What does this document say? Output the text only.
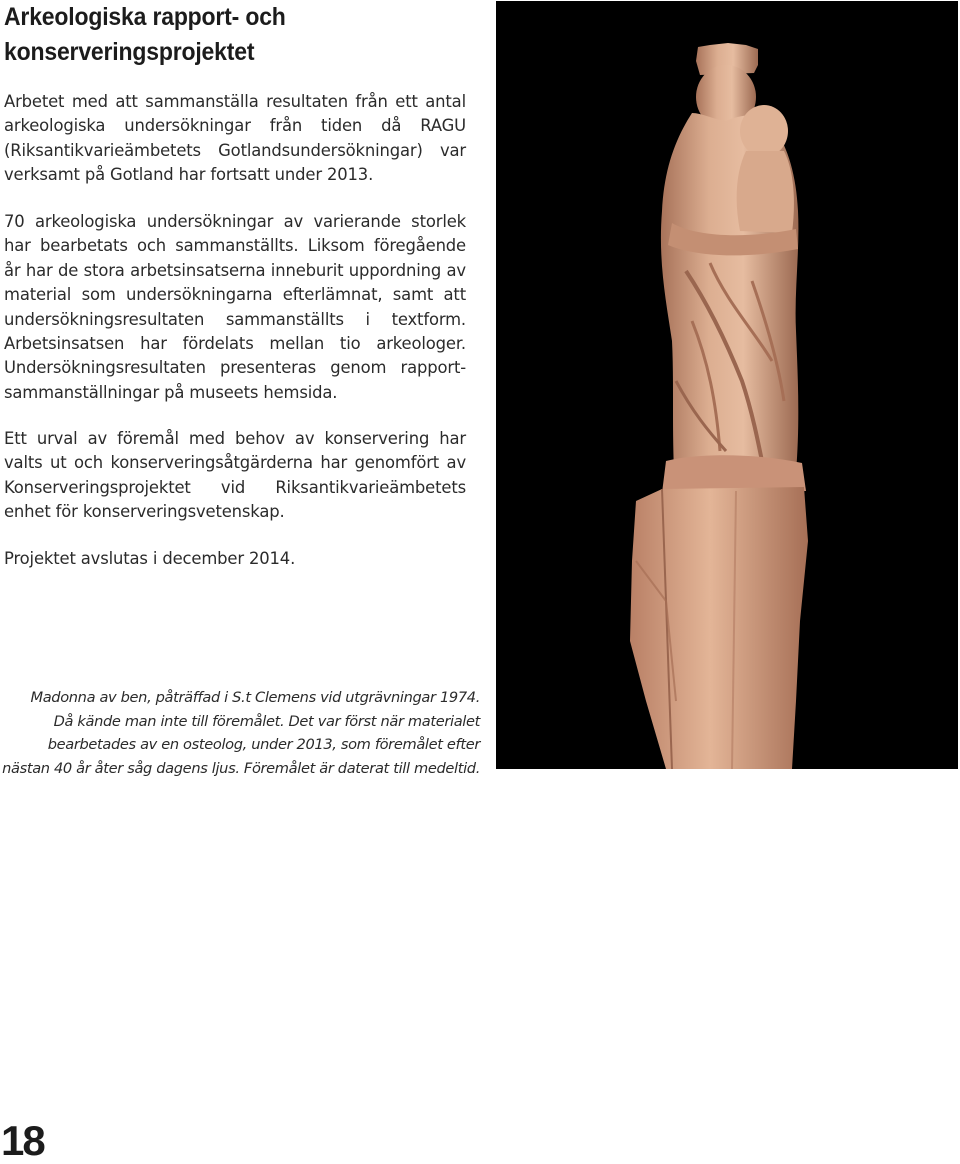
Arkeologiska rapport- och konserveringsprojektet

Arbetet med att sammanställa resultaten från ett antal arkeologiska undersökningar från tiden då RAGU (Riksantikvarieämbetets Gotlandsundersökningar) var verksamt på Gotland har fortsatt under 2013.

70 arkeologiska undersökningar av varierande storlek har bearbetats och sammanställts. Liksom föregående år har de stora arbetsinsatserna inneburit uppordning av material som undersökningarna efterlämnat, samt att undersökningsresultaten sammanställts i textform. Arbetsinsatsen har fördelats mellan tio arkeologer. Undersökningsresultaten presenteras genom rapport-sammanställningar på museets hemsida.

Ett urval av föremål med behov av konservering har valts ut och konserveringsåtgärderna har genomfört av Konserveringsprojektet vid Riksantikvarieämbetets enhet för konserveringsvetenskap.

Projektet avslutas i december 2014.

Madonna av ben, påträffad i S.t Clemens vid utgrävningar 1974.
Då kände man inte till föremålet. Det var först när materialet
bearbetades av en osteolog, under 2013, som föremålet efter
nästan 40 år åter såg dagens ljus. Föremålet är daterat till medeltid.

18
